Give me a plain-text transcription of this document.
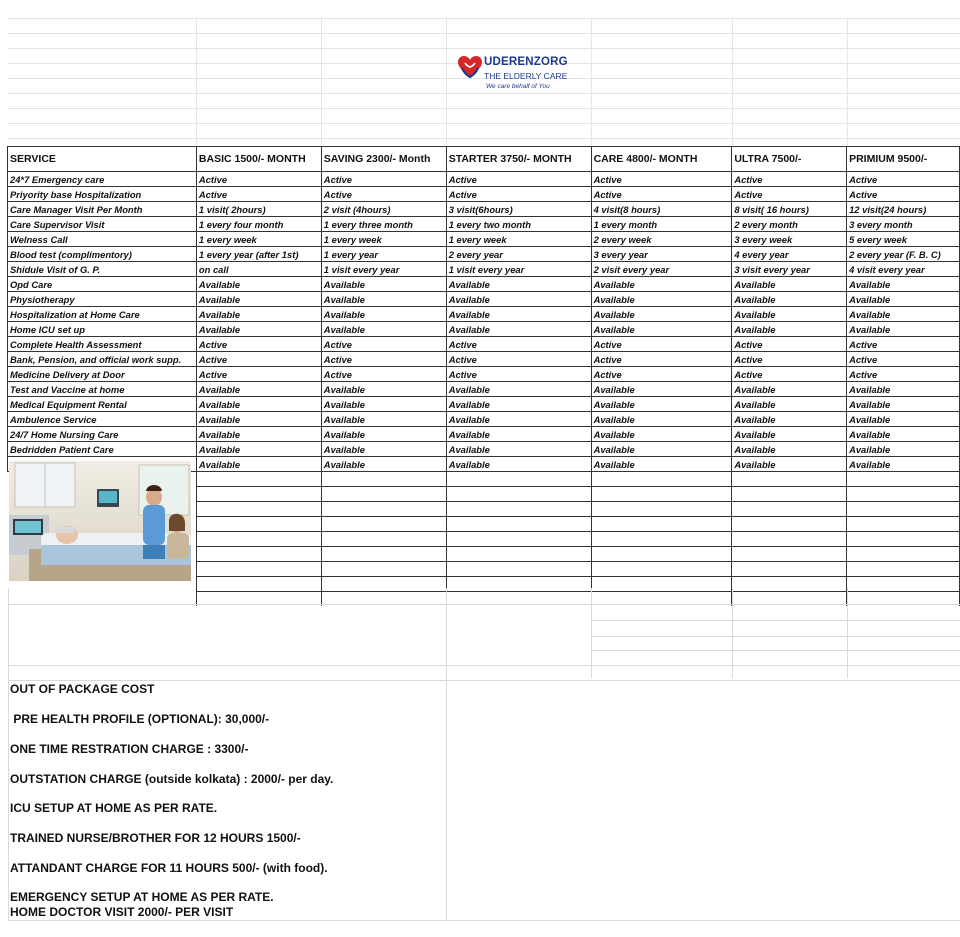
UDERENZORG
THE ELDERLY CARE
We care behalf of You
SERVICE	BASIC 1500/- MONTH	SAVING 2300/- Month	STARTER 3750/- MONTH	CARE 4800/- MONTH	ULTRA 7500/-	PRIMIUM 9500/-
24*7 Emergency care	Active	Active	Active	Active	Active	Active
Priyority base Hospitalization	Active	Active	Active	Active	Active	Active
Care Manager Visit Per Month	1 visit( 2hours)	2 visit (4hours)	3 visit(6hours)	4 visit(8 hours)	8 visit( 16 hours)	12 visit(24 hours)
Care Supervisor Visit	1 every four month	1 every three month	1 every two month	1 every month	2 every month	3 every month
Welness Call	1 every week	1 every week	1 every week	2 every week	3 every week	5 every week
Blood test (complimentory)	1 every year (after 1st)	1 every year	2 every year	3 every year	4 every year	2 every year (F. B. C)
Shidule Visit of G. P.	on call	1 visit every year	1 visit every year	2 visit every year	3 visit every year	4 visit every year
Opd Care	Available	Available	Available	Available	Available	Available
Physiotherapy	Available	Available	Available	Available	Available	Available
Hospitalization at Home Care	Available	Available	Available	Available	Available	Available
Home ICU set up	Available	Available	Available	Available	Available	Available
Complete Health Assessment	Active	Active	Active	Active	Active	Active
Bank, Pension, and official work supp.	Active	Active	Active	Active	Active	Active
Medicine Delivery at Door	Active	Active	Active	Active	Active	Active
Test and Vaccine at home	Available	Available	Available	Available	Available	Available
Medical Equipment Rental	Available	Available	Available	Available	Available	Available
Ambulence Service	Available	Available	Available	Available	Available	Available
24/7 Home Nursing Care	Available	Available	Available	Available	Available	Available
Bedridden Patient Care	Available	Available	Available	Available	Available	Available
	Available	Available	Available	Available	Available	Available

OUT OF PACKAGE COST
PRE HEALTH PROFILE (OPTIONAL): 30,000/-
ONE TIME RESTRATION CHARGE : 3300/-
OUTSTATION CHARGE (outside kolkata) : 2000/- per day.
ICU SETUP AT HOME AS PER RATE.
TRAINED NURSE/BROTHER FOR 12 HOURS 1500/-
ATTANDANT CHARGE FOR 11 HOURS 500/- (with food).
EMERGENCY SETUP AT HOME AS PER RATE.
HOME DOCTOR VISIT 2000/- PER VISIT
